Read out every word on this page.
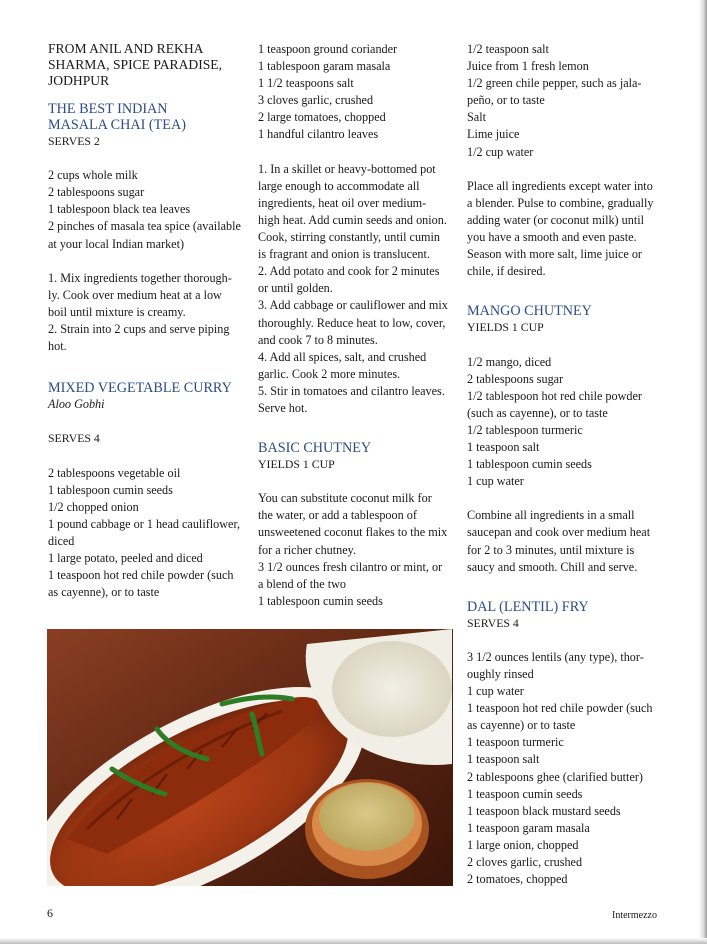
FROM ANIL AND REKHA

SHARMA, SPICE PARADISE,

JODHPUR

THE BEST INDIAN

MASALA CHAI (TEA)

SERVES 2

2 cups whole milk

2 tablespoons sugar

1 tablespoon black tea leaves

2 pinches of masala tea spice (available

at your local Indian market)

1. Mix ingredients together thorough-

ly. Cook over medium heat at a low

boil until mixture is creamy.

2. Strain into 2 cups and serve piping

hot.

MIXED VEGETABLE CURRY

Aloo Gobhi

SERVES 4

2 tablespoons vegetable oil

1 tablespoon cumin seeds

1/2 chopped onion

1 pound cabbage or 1 head cauliflower,

diced

1 large potato, peeled and diced

1 teaspoon hot red chile powder (such

as cayenne), or to taste

1 teaspoon ground coriander

1 tablespoon garam masala

1 1/2 teaspoons salt

3 cloves garlic, crushed

2 large tomatoes, chopped

1 handful cilantro leaves

1. In a skillet or heavy-bottomed pot

large enough to accommodate all

ingredients, heat oil over medium-

high heat. Add cumin seeds and onion.

Cook, stirring constantly, until cumin

is fragrant and onion is translucent.

2. Add potato and cook for 2 minutes

or until golden.

3. Add cabbage or cauliflower and mix

thoroughly. Reduce heat to low, cover,

and cook 7 to 8 minutes.

4. Add all spices, salt, and crushed

garlic. Cook 2 more minutes.

5. Stir in tomatoes and cilantro leaves.

Serve hot.

BASIC CHUTNEY

YIELDS 1 CUP

You can substitute coconut milk for

the water, or add a tablespoon of

unsweetened coconut flakes to the mix

for a richer chutney.

3 1/2 ounces fresh cilantro or mint, or

a blend of the two

1 tablespoon cumin seeds

1/2 teaspoon salt

Juice from 1 fresh lemon

1/2 green chile pepper, such as jala-

peño, or to taste

Salt

Lime juice

1/2 cup water

Place all ingredients except water into

a blender. Pulse to combine, gradually

adding water (or coconut milk) until

you have a smooth and even paste.

Season with more salt, lime juice or

chile, if desired.

MANGO CHUTNEY

YIELDS 1 CUP

1/2 mango, diced

2 tablespoons sugar

1/2 tablespoon hot red chile powder

(such as cayenne), or to taste

1/2 tablespoon turmeric

1 teaspoon salt

1 tablespoon cumin seeds

1 cup water

Combine all ingredients in a small

saucepan and cook over medium heat

for 2 to 3 minutes, until mixture is

saucy and smooth. Chill and serve.

DAL (LENTIL) FRY

SERVES 4

3 1/2 ounces lentils (any type), thor-

oughly rinsed

1 cup water

1 teaspoon hot red chile powder (such

as cayenne) or to taste

1 teaspoon turmeric

1 teaspoon salt

2 tablespoons ghee (clarified butter)

1 teaspoon cumin seeds

1 teaspoon black mustard seeds

1 teaspoon garam masala

1 large onion, chopped

2 cloves garlic, crushed

2 tomatoes, chopped

6	Intermezzo
